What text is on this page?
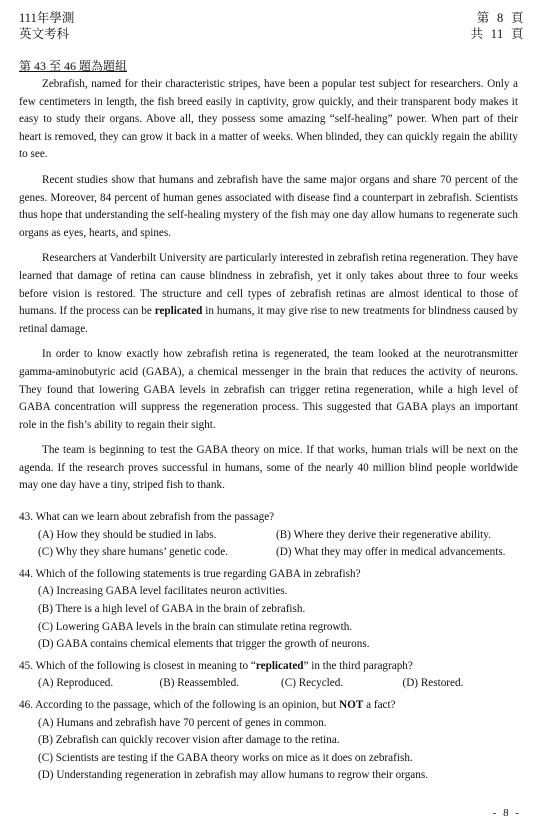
111年學測
英文考科
第  8  頁
共  11  頁
第 43 至 46 題為題組

Zebrafish, named for their characteristic stripes, have been a popular test subject for researchers. Only a few centimeters in length, the fish breed easily in captivity, grow quickly, and their transparent body makes it easy to study their organs. Above all, they possess some amazing “self-healing” power. When part of their heart is removed, they can grow it back in a matter of weeks. When blinded, they can quickly regain the ability to see.

Recent studies show that humans and zebrafish have the same major organs and share 70 percent of the genes. Moreover, 84 percent of human genes associated with disease find a counterpart in zebrafish. Scientists thus hope that understanding the self-healing mystery of the fish may one day allow humans to regenerate such organs as eyes, hearts, and spines.

Researchers at Vanderbilt University are particularly interested in zebrafish retina regeneration. They have learned that damage of retina can cause blindness in zebrafish, yet it only takes about three to four weeks before vision is restored. The structure and cell types of zebrafish retinas are almost identical to those of humans. If the process can be replicated in humans, it may give rise to new treatments for blindness caused by retinal damage.

In order to know exactly how zebrafish retina is regenerated, the team looked at the neurotransmitter gamma-aminobutyric acid (GABA), a chemical messenger in the brain that reduces the activity of neurons. They found that lowering GABA levels in zebrafish can trigger retina regeneration, while a high level of GABA concentration will suppress the regeneration process. This suggested that GABA plays an important role in the fish’s ability to regain their sight.

The team is beginning to test the GABA theory on mice. If that works, human trials will be next on the agenda. If the research proves successful in humans, some of the nearly 40 million blind people worldwide may one day have a tiny, striped fish to thank.

43. What can we learn about zebrafish from the passage?
(A) How they should be studied in labs.	(B) Where they derive their regenerative ability.
(C) Why they share humans’ genetic code.	(D) What they may offer in medical advancements.
44. Which of the following statements is true regarding GABA in zebrafish?
(A) Increasing GABA level facilitates neuron activities.
(B) There is a high level of GABA in the brain of zebrafish.
(C) Lowering GABA levels in the brain can stimulate retina regrowth.
(D) GABA contains chemical elements that trigger the growth of neurons.
45. Which of the following is closest in meaning to “replicated” in the third paragraph?
(A) Reproduced.	(B) Reassembled.	(C) Recycled.	(D) Restored.
46. According to the passage, which of the following is an opinion, but NOT a fact?
(A) Humans and zebrafish have 70 percent of genes in common.
(B) Zebrafish can quickly recover vision after damage to the retina.
(C) Scientists are testing if the GABA theory works on mice as it does on zebrafish.
(D) Understanding regeneration in zebrafish may allow humans to regrow their organs.
- 8 -
